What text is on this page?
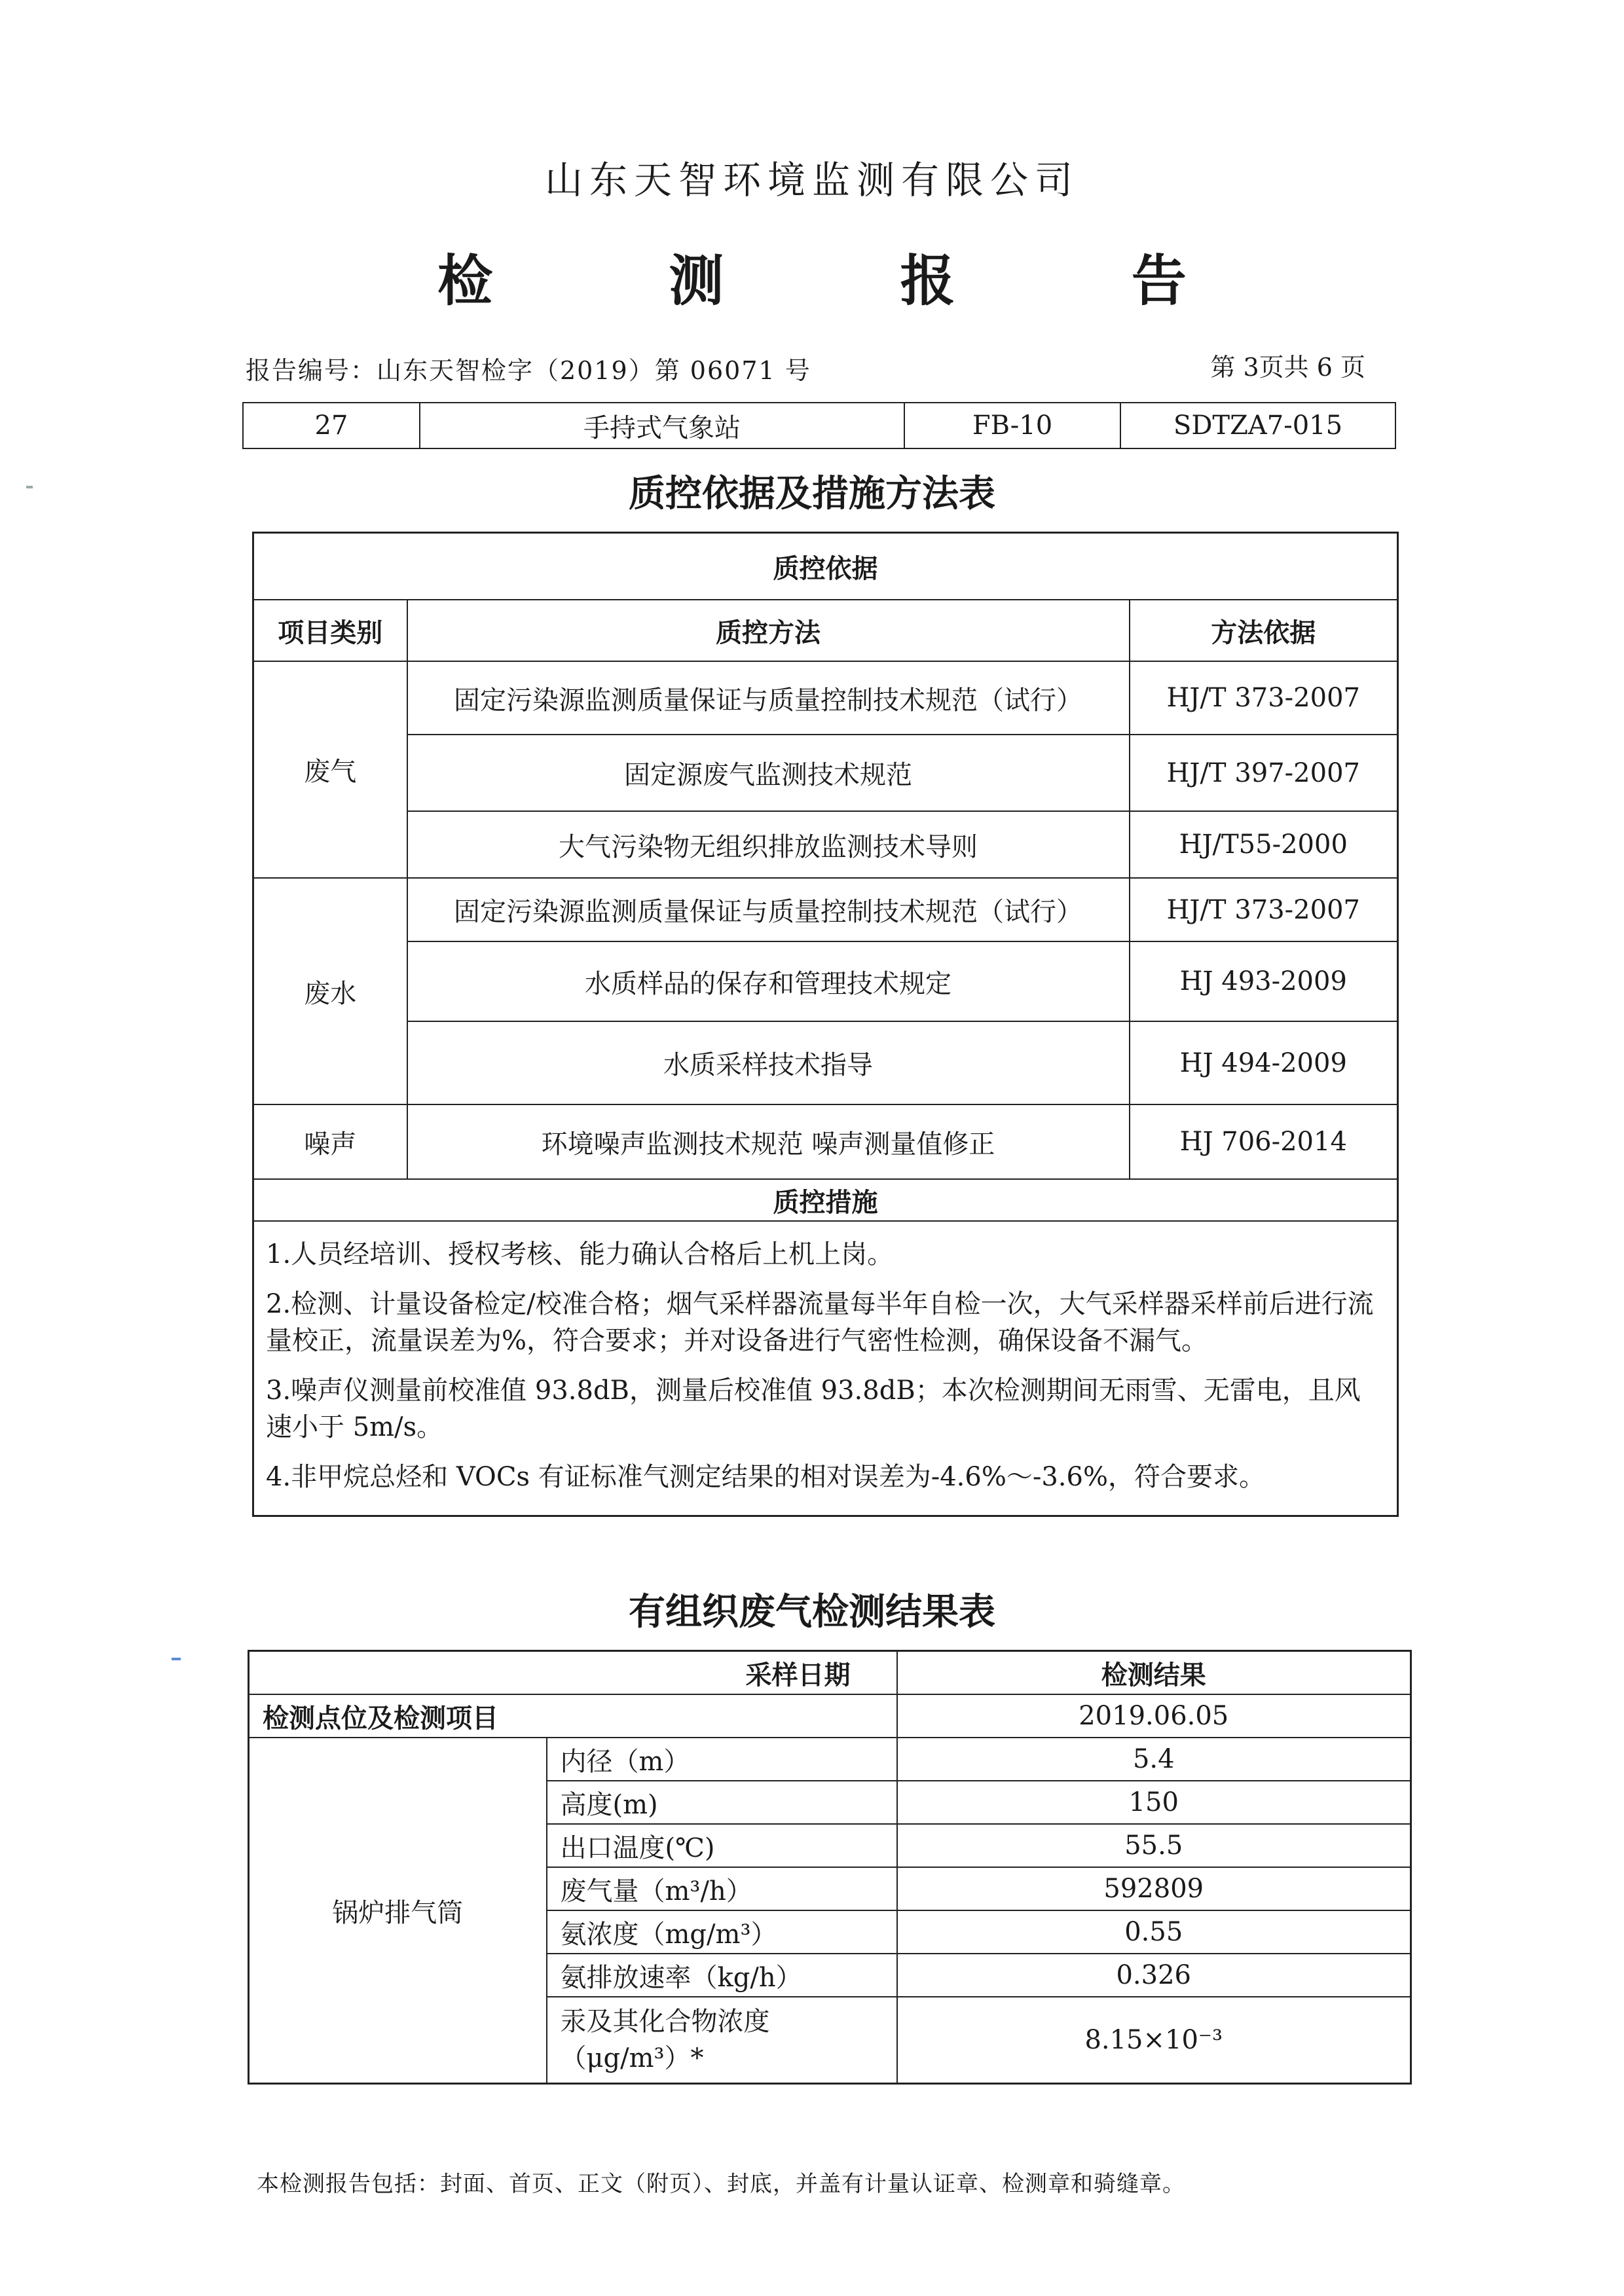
山东天智环境监测有限公司
检 测 报 告
报告编号：山东天智检字（2019）第 06071 号	第 3页共 6 页
27	手持式气象站	FB-10	SDTZA7-015
质控依据及措施方法表
质控依据		
项目类别	质控方法	方法依据
废气	固定污染源监测质量保证与质量控制技术规范（试行）	HJ/T 373-2007
	固定源废气监测技术规范	HJ/T 397-2007
	大气污染物无组织排放监测技术导则	HJ/T55-2000
废水	固定污染源监测质量保证与质量控制技术规范（试行）	HJ/T 373-2007
	水质样品的保存和管理技术规定	HJ 493-2009
	水质采样技术指导	HJ 494-2009
噪声	环境噪声监测技术规范 噪声测量值修正	HJ 706-2014
质控措施		

1.人员经培训、授权考核、能力确认合格后上机上岗。

2.检测、计量设备检定/校准合格；烟气采样器流量每半年自检一次，大气采样器采样前后进行流量校正，流量误差为%，符合要求；并对设备进行气密性检测，确保设备不漏气。

3.噪声仪测量前校准值 93.8dB，测量后校准值 93.8dB；本次检测期间无雨雪、无雷电，且风速小于 5m/s。

4.非甲烷总烃和 VOCs 有证标准气测定结果的相对误差为-4.6%～-3.6%，符合要求。		

有组织废气检测结果表
采样日期		检测结果
检测点位及检测项目		2019.06.05
锅炉排气筒	内径（m）	5.4
	高度(m)	150
	出口温度(℃)	55.5
	废气量（m³/h）	592809
	氨浓度（mg/m³）	0.55
	氨排放速率（kg/h）	0.326
	汞及其化合物浓度（μg/m³）*	8.15×10⁻³
本检测报告包括：封面、首页、正文（附页）、封底，并盖有计量认证章、检测章和骑缝章。
